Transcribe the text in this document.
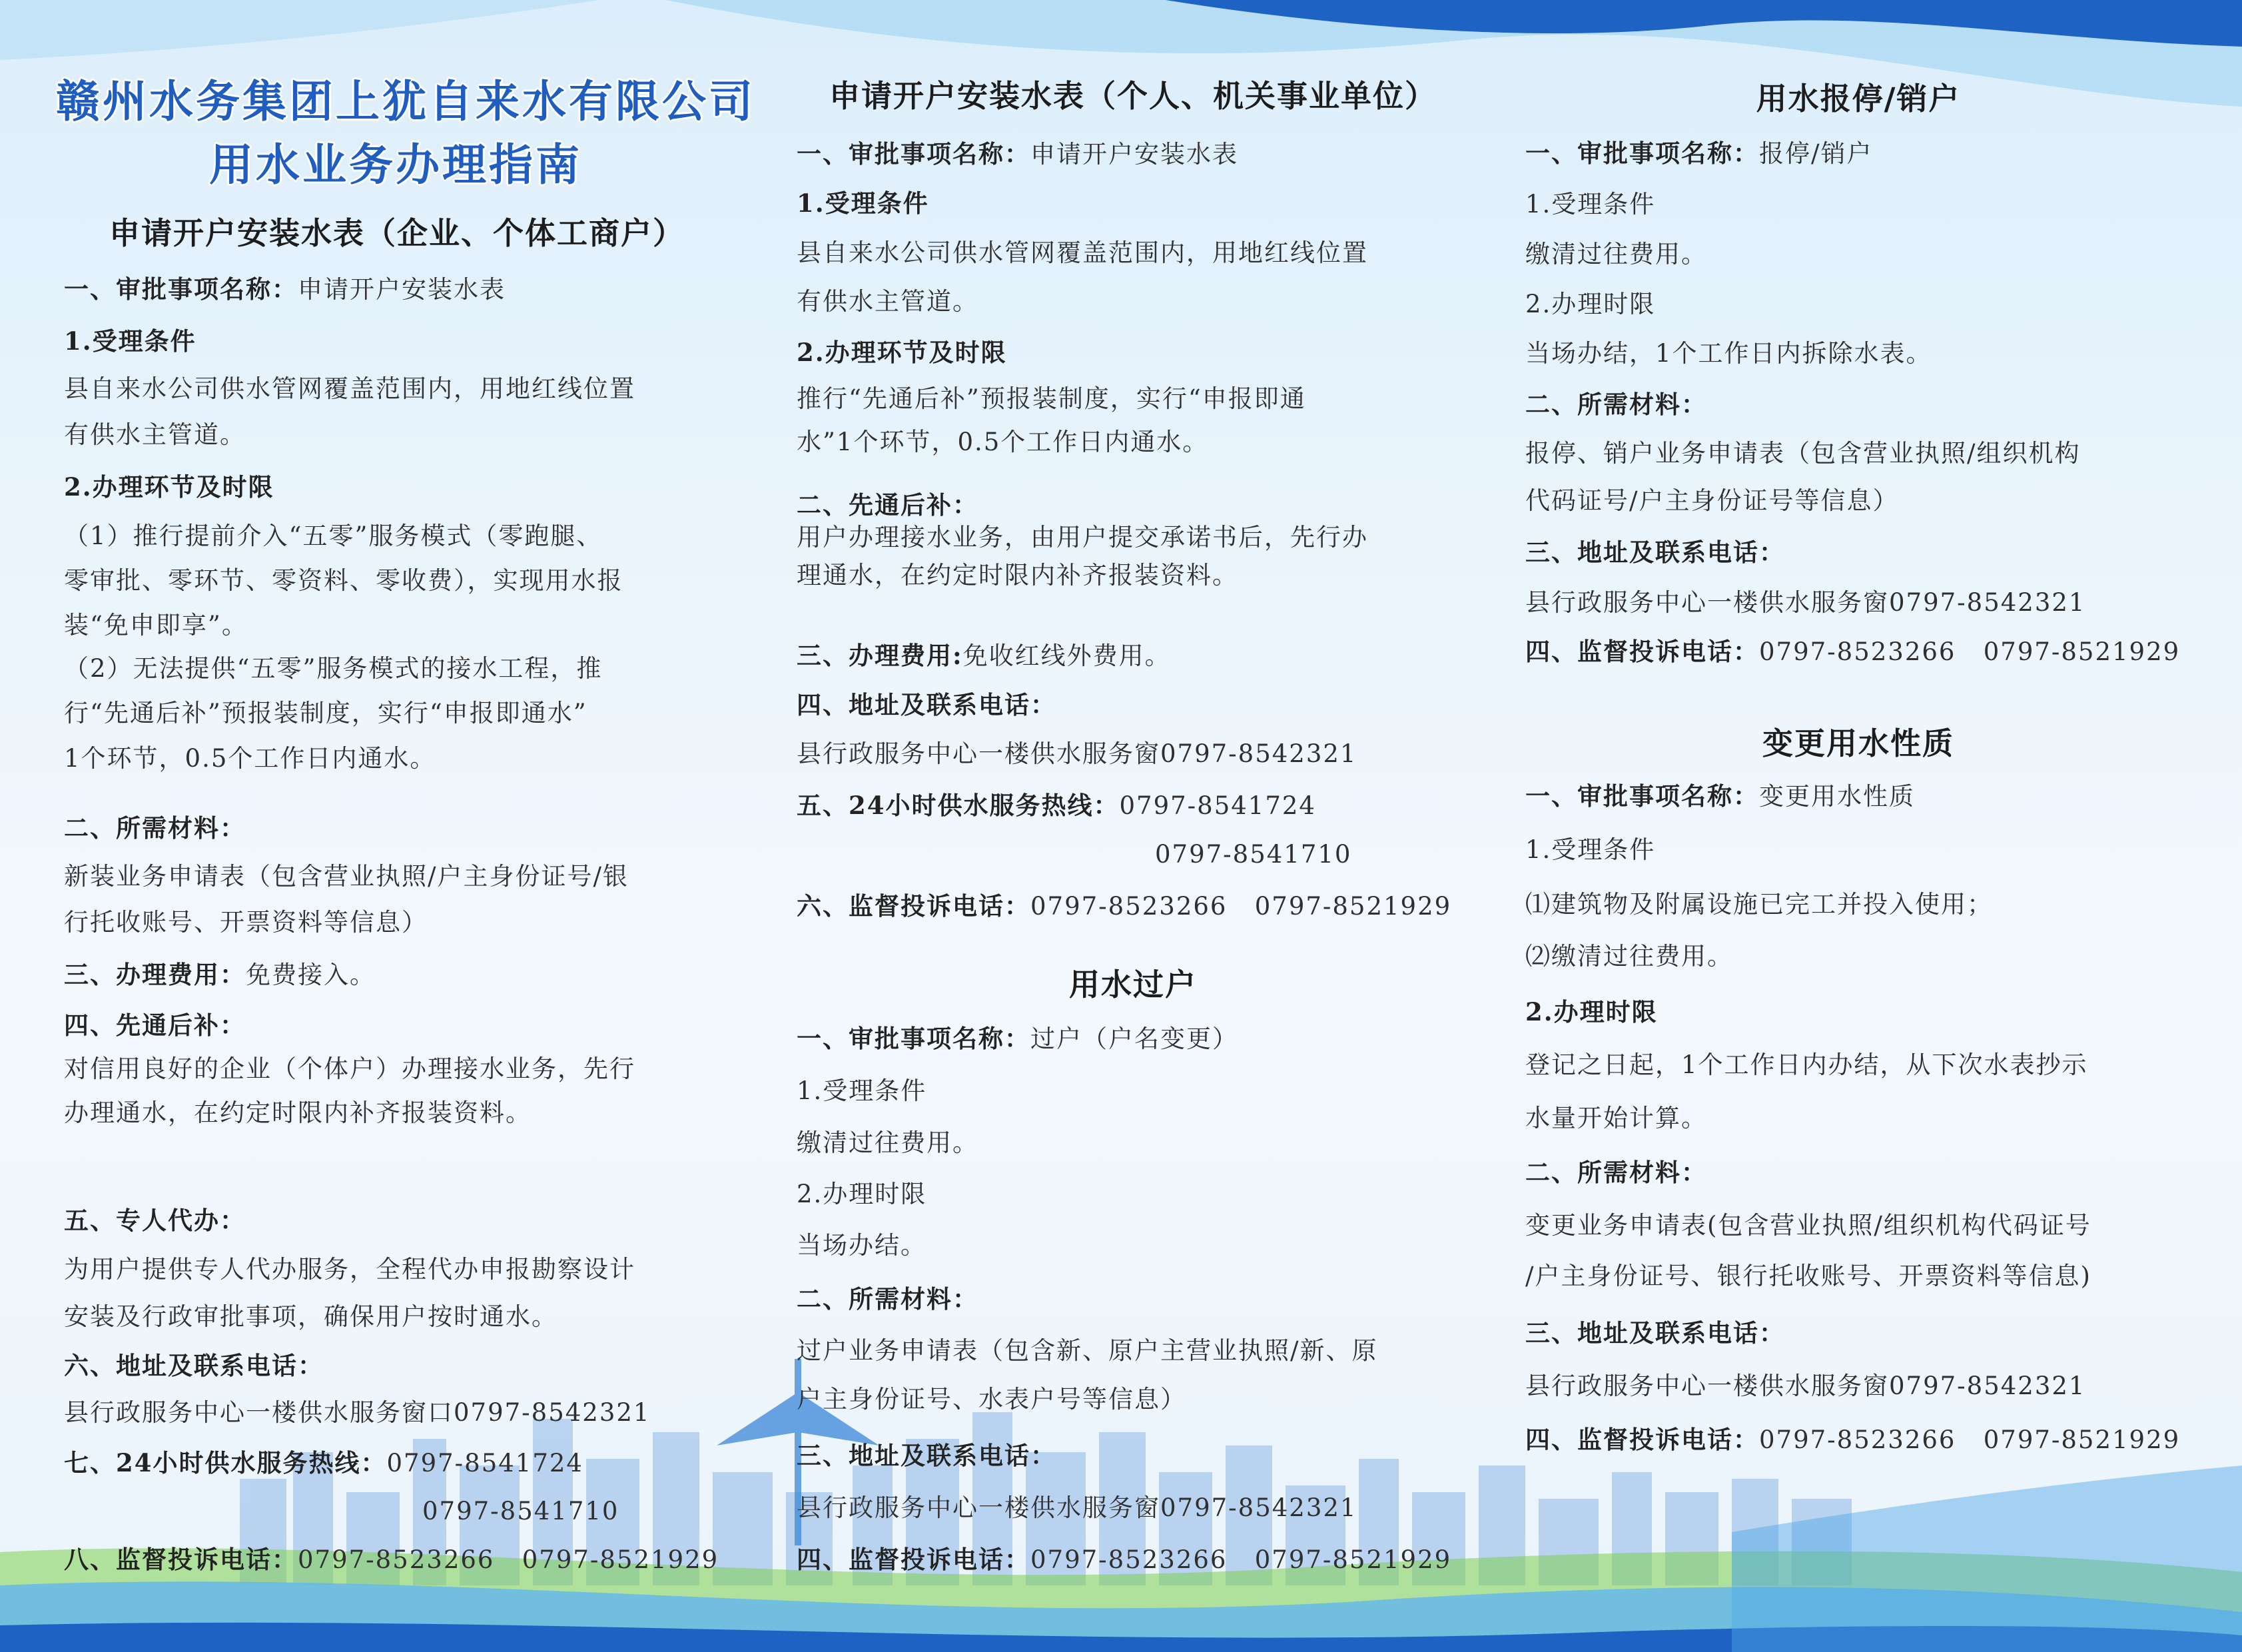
赣州水务集团上犹自来水有限公司
用水业务办理指南
申请开户安装水表（企业、个体工商户）
一、审批事项名称：申请开户安装水表
1.受理条件
县自来水公司供水管网覆盖范围内，用地红线位置
有供水主管道。
2.办理环节及时限
（1）推行提前介入“五零”服务模式（零跑腿、
零审批、零环节、零资料、零收费），实现用水报
装“免申即享”。
（2）无法提供“五零”服务模式的接水工程，推
行“先通后补”预报装制度，实行“申报即通水”
1个环节，0.5个工作日内通水。
二、所需材料：
新装业务申请表（包含营业执照/户主身份证号/银
行托收账号、开票资料等信息）
三、办理费用：免费接入。
四、先通后补：
对信用良好的企业（个体户）办理接水业务，先行
办理通水，在约定时限内补齐报装资料。
五、专人代办：
为用户提供专人代办服务，全程代办申报勘察设计
安装及行政审批事项，确保用户按时通水。
六、地址及联系电话：
县行政服务中心一楼供水服务窗口0797-8542321
七、24小时供水服务热线：0797-8541724
0797-8541710
八、监督投诉电话：0797-8523266   0797-8521929
申请开户安装水表（个人、机关事业单位）
一、审批事项名称：申请开户安装水表
1.受理条件
县自来水公司供水管网覆盖范围内，用地红线位置
有供水主管道。
2.办理环节及时限
推行“先通后补”预报装制度，实行“申报即通
水”1个环节，0.5个工作日内通水。
二、先通后补：
用户办理接水业务，由用户提交承诺书后，先行办
理通水，在约定时限内补齐报装资料。
三、办理费用:免收红线外费用。
四、地址及联系电话：
县行政服务中心一楼供水服务窗0797-8542321
五、24小时供水服务热线：0797-8541724
0797-8541710
六、监督投诉电话：0797-8523266   0797-8521929
用水过户
一、审批事项名称：过户（户名变更）
1.受理条件
缴清过往费用。
2.办理时限
当场办结。
二、所需材料：
过户业务申请表（包含新、原户主营业执照/新、原
户主身份证号、水表户号等信息）
三、地址及联系电话：
县行政服务中心一楼供水服务窗0797-8542321
四、监督投诉电话：0797-8523266   0797-8521929
用水报停/销户
一、审批事项名称：报停/销户
1.受理条件
缴清过往费用。
2.办理时限
当场办结，1个工作日内拆除水表。
二、所需材料：
报停、销户业务申请表（包含营业执照/组织机构
代码证号/户主身份证号等信息）
三、地址及联系电话：
县行政服务中心一楼供水服务窗0797-8542321
四、监督投诉电话：0797-8523266   0797-8521929
变更用水性质
一、审批事项名称：变更用水性质
1.受理条件
⑴建筑物及附属设施已完工并投入使用；
⑵缴清过往费用。
2.办理时限
登记之日起，1个工作日内办结，从下次水表抄示
水量开始计算。
二、所需材料：
变更业务申请表(包含营业执照/组织机构代码证号
/户主身份证号、银行托收账号、开票资料等信息)
三、地址及联系电话：
县行政服务中心一楼供水服务窗0797-8542321
四、监督投诉电话：0797-8523266   0797-8521929
